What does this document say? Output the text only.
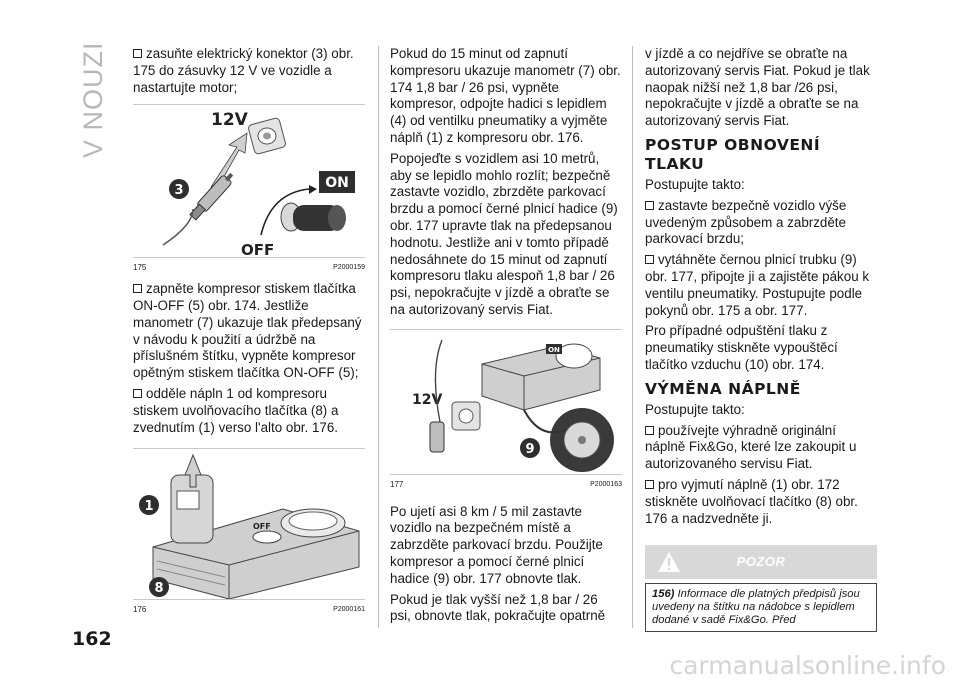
V NOUZI	zasuňte elektrický konektor (3) obr. 175 do zásuvky 12 V ve vozidle a nastartujte motor;

12V
3	ON
OFF
175	P2000159

zapněte kompresor stiskem tlačítka ON-OFF (5) obr. 174. Jestliže manometr (7) ukazuje tlak předepsaný v návodu k použití a údržbě na příslušném štítku, vypněte kompresor opětným stiskem tlačítka ON-OFF (5);

odděle nápln 1 od kompresoru stiskem uvolňovacího tlačítka (8) a zvednutím (1) verso l'alto obr. 176.

OFF
1
8
176	P2000161

Pokud do 15 minut od zapnutí kompresoru ukazuje manometr (7) obr. 174 1,8 bar / 26 psi, vypněte kompresor, odpojte hadici s lepidlem (4) od ventilku pneumatiky a vyjměte náplň (1) z kompresoru obr. 176.

Popojeďte s vozidlem asi 10 metrů, aby se lepidlo mohlo rozlít; bezpečně zastavte vozidlo, zbrzděte parkovací brzdu a pomocí černé plnicí hadice (9) obr. 177 upravte tlak na předepsanou hodnotu. Jestliže ani v tomto případě nedosáhnete do 15 minut od zapnutí kompresoru tlaku alespoň 1,8 bar / 26 psi, nepokračujte v jízdě a obraťte se na autorizovaný servis Fiat.

ON
12V
9
177	P2000163

Po ujetí asi 8 km / 5 mil zastavte vozidlo na bezpečném místě a zabrzděte parkovací brzdu. Použijte kompresor a pomocí černé plnicí hadice (9) obr. 177 obnovte tlak.

Pokud je tlak vyšší než 1,8 bar / 26 psi, obnovte tlak, pokračujte opatrně

v jízdě a co nejdříve se obraťte na autorizovaný servis Fiat. Pokud je tlak naopak nižší než 1,8 bar /26 psi, nepokračujte v jízdě a obraťte se na autorizovaný servis Fiat.

POSTUP OBNOVENÍ TLAKU

Postupujte takto:

zastavte bezpečně vozidlo výše uvedeným způsobem a zabrzděte parkovací brzdu;

vytáhněte černou plnicí trubku (9) obr. 177, připojte ji a zajistěte pákou k ventilu pneumatiky. Postupujte podle pokynů obr. 175 a obr. 177.

Pro případné odpuštění tlaku z pneumatiky stiskněte vypouštěcí tlačítko vzduchu (10) obr. 174.

VÝMĚNA NÁPLNĚ

Postupujte takto:

používejte výhradně originální náplně Fix&Go, které lze zakoupit u autorizovaného servisu Fiat.

pro vyjmutí náplně (1) obr. 172 stiskněte uvolňovací tlačítko (8) obr. 176 a nadzvedněte ji.

POZOR
156) Informace dle platných předpisů jsou uvedeny na štítku na nádobce s lepidlem dodané v sadě Fix&Go. Před
162
carmanualsonline.info
